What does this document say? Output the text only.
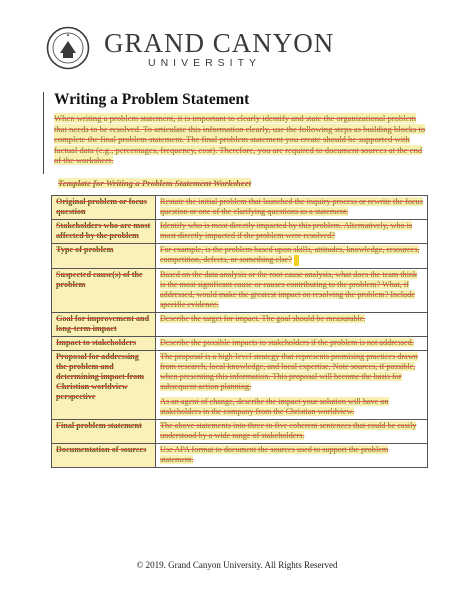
GRAND CANYON
UNIVERSITY
Writing a Problem Statement
When writing a problem statement, it is important to clearly identify and state the organizational problem that needs to be resolved. To articulate this information clearly, use the following steps as building blocks to complete the final problem statement. The final problem statement you create should be supported with factual data (e.g., percentages, frequency, cost). Therefore, you are required to document sources at the end of the worksheet.
Template for Writing a Problem Statement Worksheet
Original problem or focus question	Restate the initial problem that launched the inquiry process or rewrite the focus question or one of the clarifying questions as a statement.

Stakeholders who are most affected by the problem	Identify who is most directly impacted by this problem. Alternatively, who is most directly impacted if the problem were resolved?

Type of problem	For example, is the problem based upon skills, attitudes, knowledge, resources, competition, defects, or something else?

Suspected cause(s) of the problem	Based on the data analysis or the root cause analysis, what does the team think is the most significant cause or causes contributing to the problem? What, if addressed, would make the greatest impact on resolving the problem? Include specific evidence.

Goal for improvement and long-term impact	Describe the target for impact. The goal should be measurable.

Impact to stakeholders	Describe the possible impacts to stakeholders if the problem is not addressed.

Proposal for addressing the problem and determining impact from Christian worldview perspective	The proposal is a high-level strategy that represents promising practices drawn from research, local knowledge, and local expertise. Note sources, if possible, when presenting this information. This proposal will become the basis for subsequent action planning.
As an agent of change, describe the impact your solution will have on stakeholders in the company from the Christian worldview.

Final problem statement	The above statements into three to five coherent sentences that could be easily understood by a wide range of stakeholders.

Documentation of sources	Use APA format to document the sources used to support the problem statement.
© 2019. Grand Canyon University. All Rights Reserved
